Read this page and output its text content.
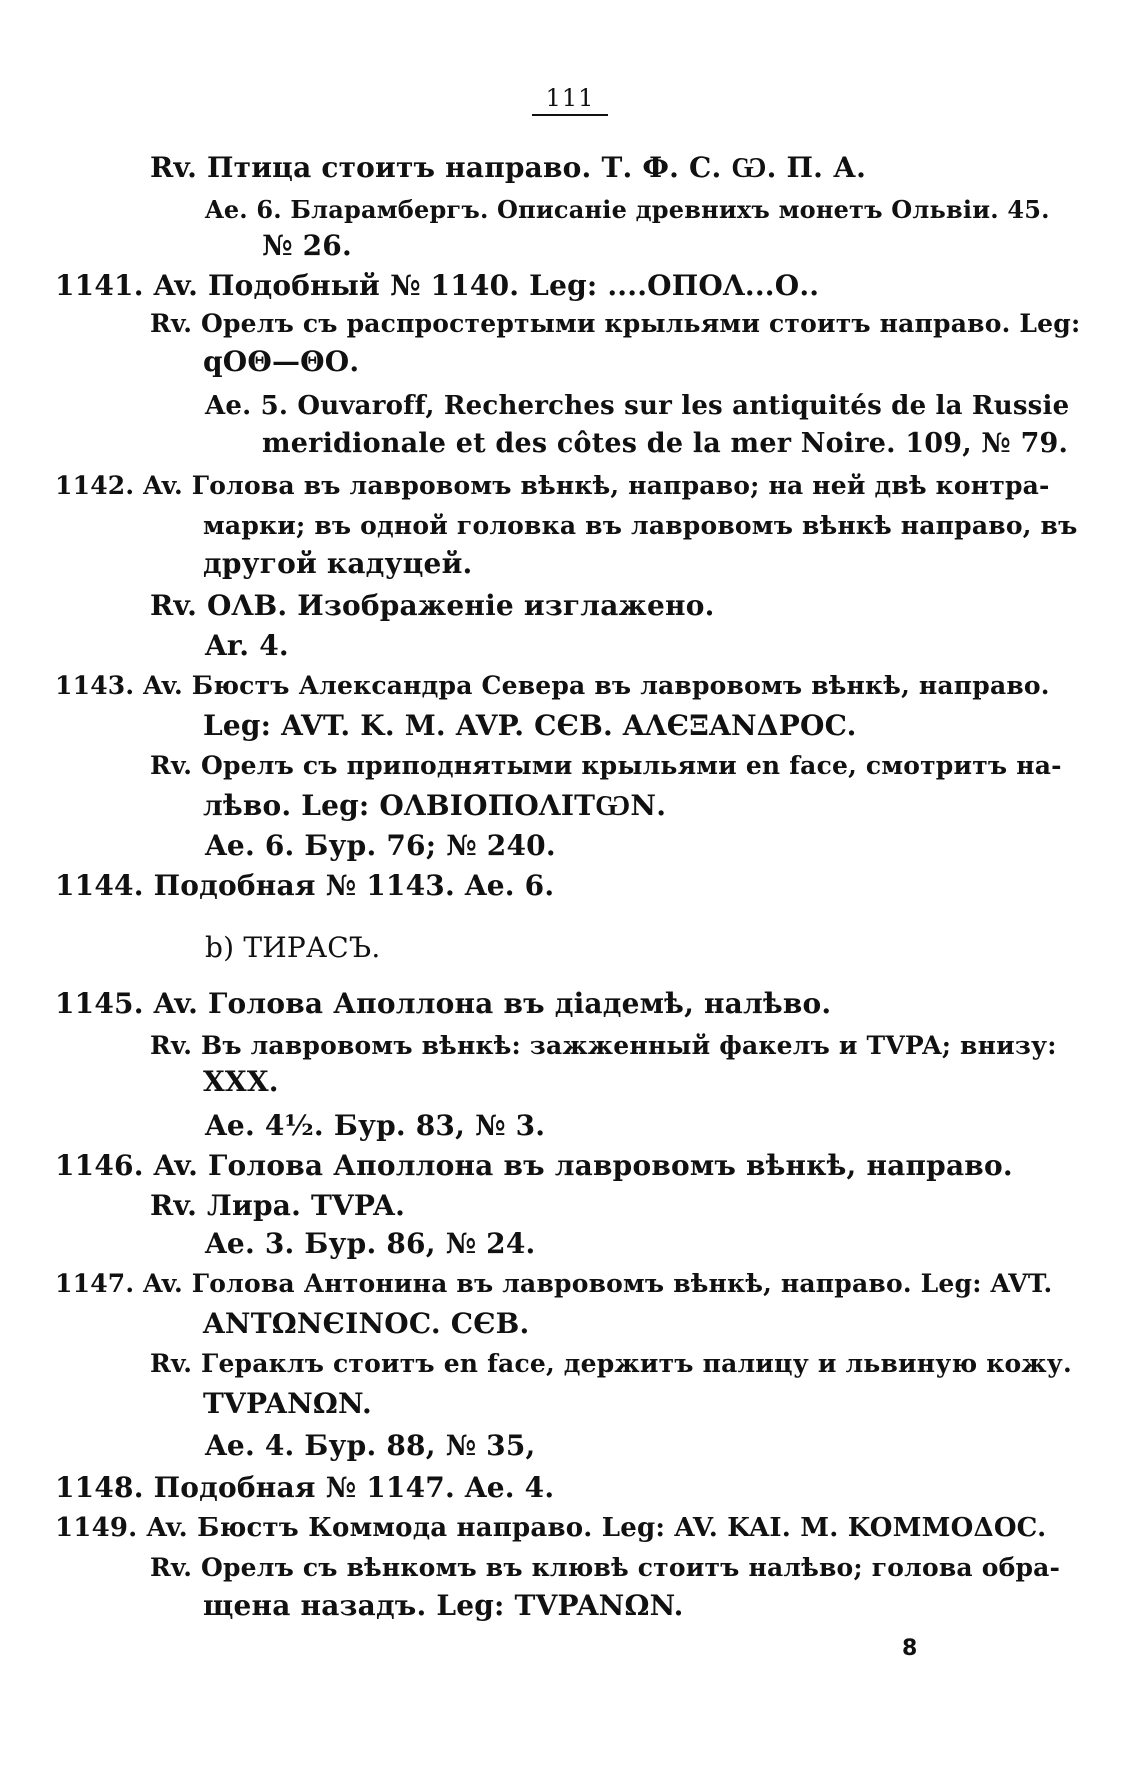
111
Rv. Птица стоитъ направо. Т. Ф. С. Ѡ. П. А.
Ae. 6. Бларамбергъ. Описаніе древнихъ монетъ Ольвіи. 45.
№ 26.
1141. Av. Подобный № 1140. Leg: ....ΟΠΟΛ...Ο..
Rv. Орелъ съ распростертыми крыльями стоитъ направо. Leg:
qΟΘ—ΘΟ.
Ae. 5. Ouvaroff, Recherches sur les antiquités de la Russie
meridionale et des côtes de la mer Noire. 109, № 79.
1142. Av. Голова въ лавровомъ вѣнкѣ, направо; на ней двѣ контра-
марки; въ одной головка въ лавровомъ вѣнкѣ направо, въ
другой кадуцей.
Rv. ΟΛΒ. Изображеніе изглажено.
Ar. 4.
1143. Av. Бюстъ Александра Севера въ лавровомъ вѣнкѣ, направо.
Leg: AVT. K. M. AVP. CЄB. AΛЄΞANΔPOC.
Rv. Орелъ съ приподнятыми крыльями en face, смотритъ на-
лѣво. Leg: ΟΛΒΙΟΠΟΛΙΤѠΝ.
Ae. 6. Бур. 76; № 240.
1144. Подобная № 1143. Ae. 6.
b) ТИРАСЪ.
1145. Av. Голова Аполлона въ діадемѣ, налѣво.
Rv. Въ лавровомъ вѣнкѣ: зажженный факелъ и TVPA; внизу:
XXX.
Ae. 4½. Бур. 83, № 3.
1146. Av. Голова Аполлона въ лавровомъ вѣнкѣ, направо.
Rv. Лира. TVPA.
Ae. 3. Бур. 86, № 24.
1147. Av. Голова Антонина въ лавровомъ вѣнкѣ, направо. Leg: AVT.
ANTΩNЄINOC. CЄB.
Rv. Гераклъ стоитъ en face, держитъ палицу и львиную кожу.
TVPANΩN.
Ae. 4. Бур. 88, № 35,
1148. Подобная № 1147. Ae. 4.
1149. Av. Бюстъ Коммода направо. Leg: AV. KAI. M. KOMMOΔOC.
Rv. Орелъ съ вѣнкомъ въ клювѣ стоитъ налѣво; голова обра-
щена назадъ. Leg: TVPANΩN.
8
